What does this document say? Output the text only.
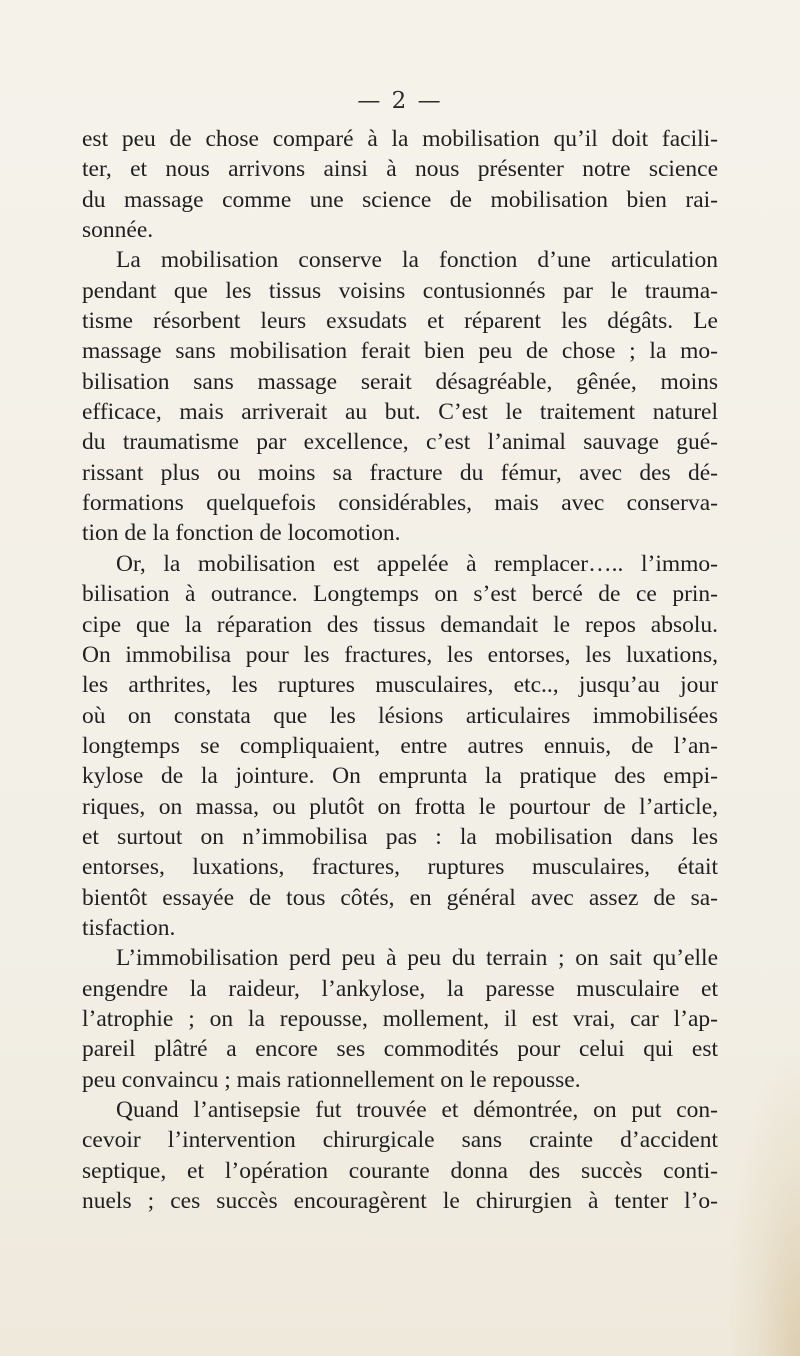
— 2 —
est peu de chose comparé à la mobilisation qu’il doit facili-
ter, et nous arrivons ainsi à nous présenter notre science
du massage comme une science de mobilisation bien rai-
sonnée.
La mobilisation conserve la fonction d’une articulation
pendant que les tissus voisins contusionnés par le trauma-
tisme résorbent leurs exsudats et réparent les dégâts. Le
massage sans mobilisation ferait bien peu de chose ; la mo-
bilisation sans massage serait désagréable, gênée, moins
efficace, mais arriverait au but. C’est le traitement naturel
du traumatisme par excellence, c’est l’animal sauvage gué-
rissant plus ou moins sa fracture du fémur, avec des dé-
formations quelquefois considérables, mais avec conserva-
tion de la fonction de locomotion.
Or, la mobilisation est appelée à remplacer….. l’immo-
bilisation à outrance. Longtemps on s’est bercé de ce prin-
cipe que la réparation des tissus demandait le repos absolu.
On immobilisa pour les fractures, les entorses, les luxations,
les arthrites, les ruptures musculaires, etc.., jusqu’au jour
où on constata que les lésions articulaires immobilisées
longtemps se compliquaient, entre autres ennuis, de l’an-
kylose de la jointure. On emprunta la pratique des empi-
riques, on massa, ou plutôt on frotta le pourtour de l’article,
et surtout on n’immobilisa pas : la mobilisation dans les
entorses, luxations, fractures, ruptures musculaires, était
bientôt essayée de tous côtés, en général avec assez de sa-
tisfaction.
L’immobilisation perd peu à peu du terrain ; on sait qu’elle
engendre la raideur, l’ankylose, la paresse musculaire et
l’atrophie ; on la repousse, mollement, il est vrai, car l’ap-
pareil plâtré a encore ses commodités pour celui qui est
peu convaincu ; mais rationnellement on le repousse.
Quand l’antisepsie fut trouvée et démontrée, on put con-
cevoir l’intervention chirurgicale sans crainte d’accident
septique, et l’opération courante donna des succès conti-
nuels ; ces succès encouragèrent le chirurgien à tenter l’o-
